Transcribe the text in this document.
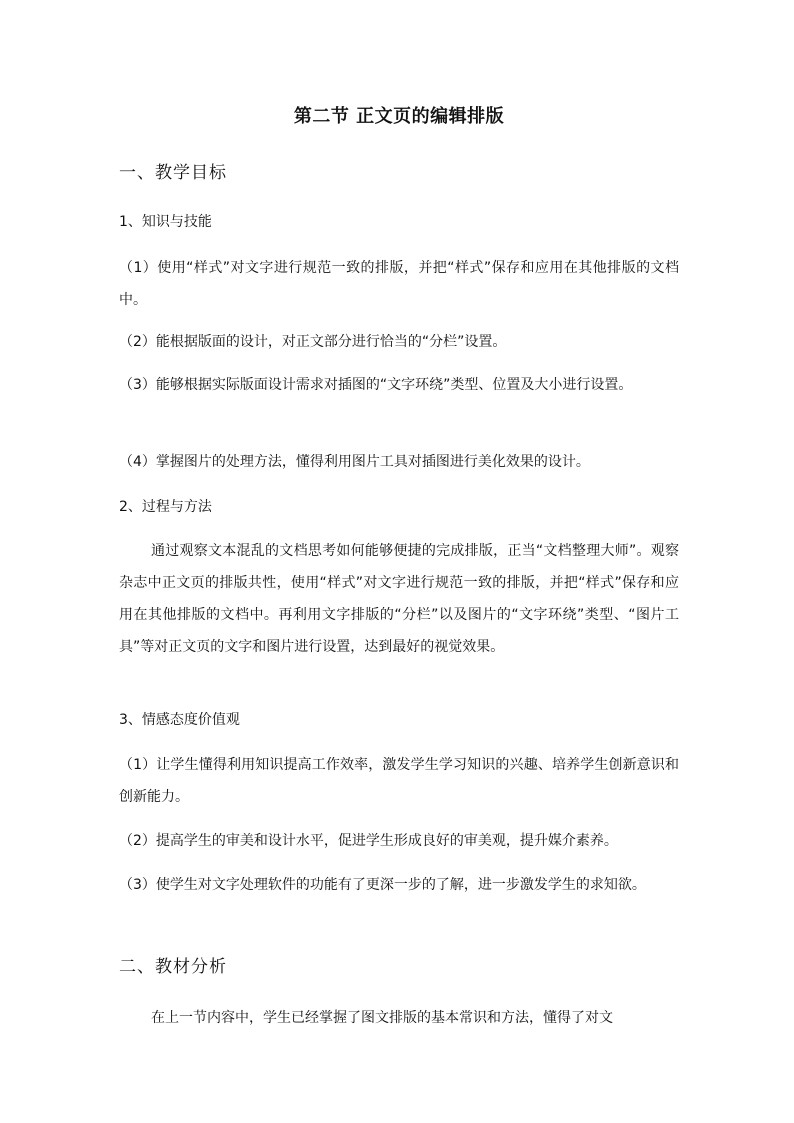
第二节 正文页的编辑排版
一、教学目标
1、知识与技能
（1）使用“样式”对文字进行规范一致的排版，并把“样式”保存和应用在其他排版的文档中。
（2）能根据版面的设计，对正文部分进行恰当的“分栏”设置。
（3）能够根据实际版面设计需求对插图的“文字环绕”类型、位置及大小进行设置。
（4）掌握图片的处理方法，懂得利用图片工具对插图进行美化效果的设计。
2、过程与方法
通过观察文本混乱的文档思考如何能够便捷的完成排版，正当“文档整理大师”。观察杂志中正文页的排版共性，使用“样式”对文字进行规范一致的排版，并把“样式”保存和应用在其他排版的文档中。再利用文字排版的“分栏”以及图片的“文字环绕”类型、“图片工具”等对正文页的文字和图片进行设置，达到最好的视觉效果。
3、情感态度价值观
（1）让学生懂得利用知识提高工作效率，激发学生学习知识的兴趣、培养学生创新意识和创新能力。
（2）提高学生的审美和设计水平，促进学生形成良好的审美观，提升媒介素养。
（3）使学生对文字处理软件的功能有了更深一步的了解，进一步激发学生的求知欲。
二、教材分析
在上一节内容中，学生已经掌握了图文排版的基本常识和方法，懂得了对文
